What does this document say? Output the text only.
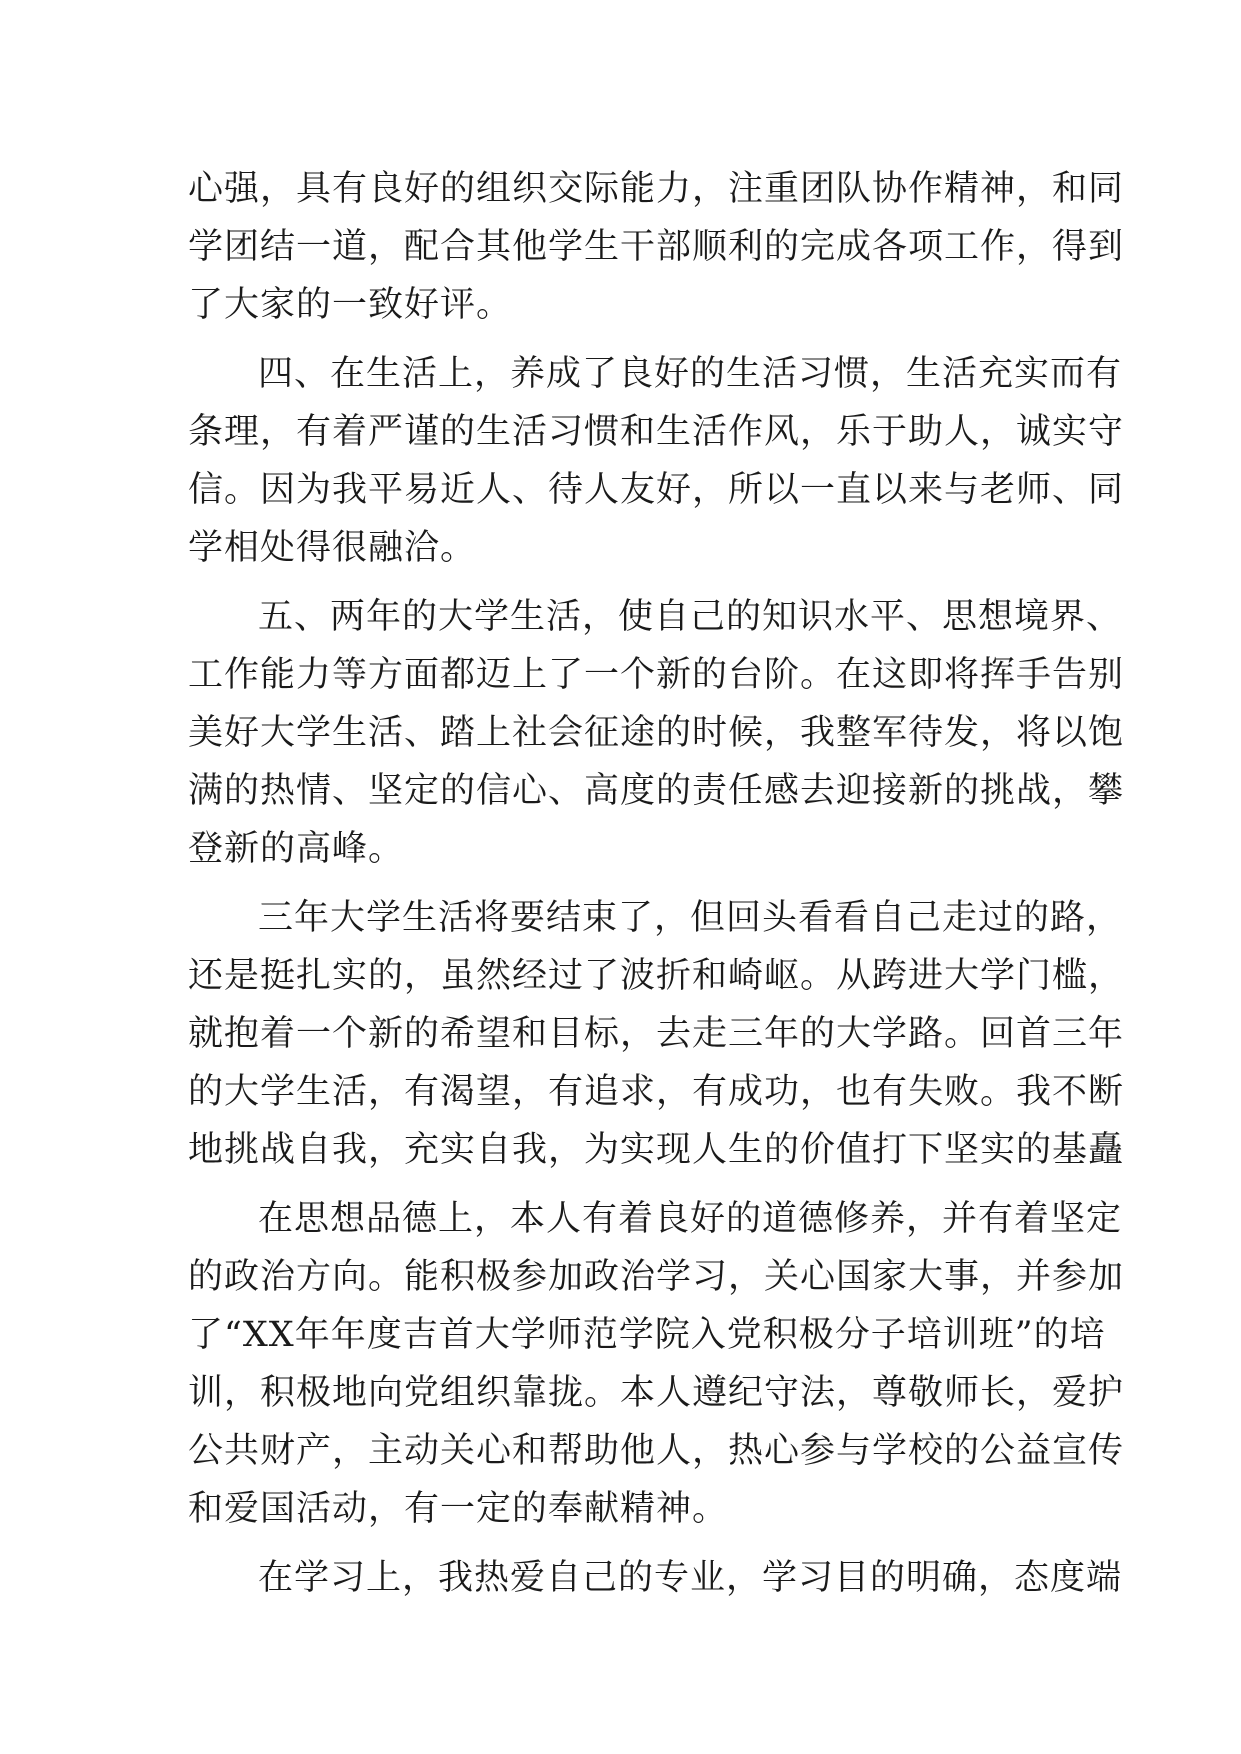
心强，具有良好的组织交际能力，注重团队协作精神，和同
学团结一道，配合其他学生干部顺利的完成各项工作，得到
了大家的一致好评。
四、在生活上，养成了良好的生活习惯，生活充实而有
条理，有着严谨的生活习惯和生活作风，乐于助人，诚实守
信。因为我平易近人、待人友好，所以一直以来与老师、同
学相处得很融洽。
五、两年的大学生活，使自己的知识水平、思想境界、
工作能力等方面都迈上了一个新的台阶。在这即将挥手告别
美好大学生活、踏上社会征途的时候，我整军待发，将以饱
满的热情、坚定的信心、高度的责任感去迎接新的挑战，攀
登新的高峰。
三年大学生活将要结束了，但回头看看自己走过的路，
还是挺扎实的，虽然经过了波折和崎岖。从跨进大学门槛，
就抱着一个新的希望和目标，去走三年的大学路。回首三年
的大学生活，有渴望，有追求，有成功，也有失败。我不断
地挑战自我，充实自我，为实现人生的价值打下坚实的基矗
在思想品德上，本人有着良好的道德修养，并有着坚定
的政治方向。能积极参加政治学习，关心国家大事，并参加
了“XX年年度吉首大学师范学院入党积极分子培训班”的培
训，积极地向党组织靠拢。本人遵纪守法，尊敬师长，爱护
公共财产，主动关心和帮助他人，热心参与学校的公益宣传
和爱国活动，有一定的奉献精神。
在学习上，我热爱自己的专业，学习目的明确，态度端
